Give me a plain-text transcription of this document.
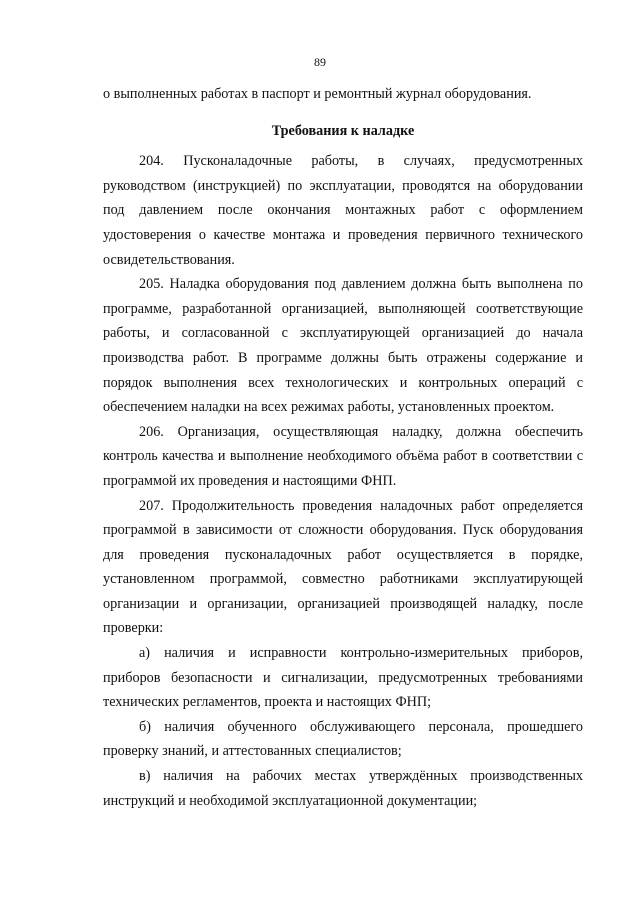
89

о выполненных работах в паспорт и ремонтный журнал оборудования.

Требования к наладке

204. Пусконаладочные работы, в случаях, предусмотренных руководством (инструкцией) по эксплуатации, проводятся на оборудовании под давлением после окончания монтажных работ с оформлением удостоверения о качестве монтажа и проведения первичного технического освидетельствования.

205. Наладка оборудования под давлением должна быть выполнена по программе, разработанной организацией, выполняющей соответствующие работы, и согласованной с эксплуатирующей организацией до начала производства работ. В программе должны быть отражены содержание и порядок выполнения всех технологических и контрольных операций с обеспечением наладки на всех режимах работы, установленных проектом.

206. Организация, осуществляющая наладку, должна обеспечить контроль качества и выполнение необходимого объёма работ в соответствии с программой их проведения и настоящими ФНП.

207. Продолжительность проведения наладочных работ определяется программой в зависимости от сложности оборудования. Пуск оборудования для проведения пусконаладочных работ осуществляется в порядке, установленном программой, совместно работниками эксплуатирующей организации и организации, организацией производящей наладку, после проверки:

а) наличия и исправности контрольно-измерительных приборов, приборов безопасности и сигнализации, предусмотренных требованиями технических регламентов, проекта и настоящих ФНП;

б) наличия обученного обслуживающего персонала, прошедшего проверку знаний, и аттестованных специалистов;

в) наличия на рабочих местах утверждённых производственных инструкций и необходимой эксплуатационной документации;
